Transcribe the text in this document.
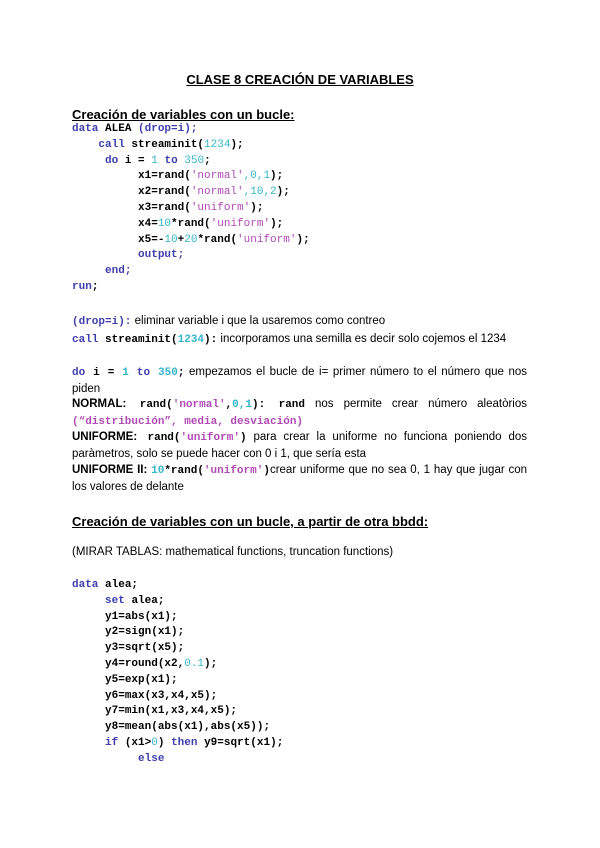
CLASE 8 CREACIÓN DE VARIABLES
Creación de variables con un bucle:
data ALEA (drop=i);
call streaminit(1234);
do i = 1 to 350;
x1=rand('normal',0,1);
x2=rand('normal',10,2);
x3=rand('uniform');
x4=10*rand('uniform');
x5=-10+20*rand('uniform');
output;
end;
run;
(drop=i): eliminar variable i que la usaremos como contreo
call streaminit(1234): incorporamos una semilla es decir solo cojemos el 1234
do i = 1 to 350; empezamos el bucle de i= primer número to el número que nos piden
NORMAL: rand('normal',0,1): rand nos permite crear número aleatòrios (“distribución”, media, desviación)
UNIFORME: rand('uniform') para crear la uniforme no funciona poniendo dos paràmetros, solo se puede hacer con 0 i 1, que sería esta
UNIFORME II: 10*rand('uniform')crear uniforme que no sea 0, 1 hay que jugar con los valores de delante
Creación de variables con un bucle, a partir de otra bbdd:
(MIRAR TABLAS: mathematical functions, truncation functions)
data alea;
set alea;
y1=abs(x1);
y2=sign(x1);
y3=sqrt(x5);
y4=round(x2,0.1);
y5=exp(x1);
y6=max(x3,x4,x5);
y7=min(x1,x3,x4,x5);
y8=mean(abs(x1),abs(x5));
if (x1>0) then y9=sqrt(x1);
else
